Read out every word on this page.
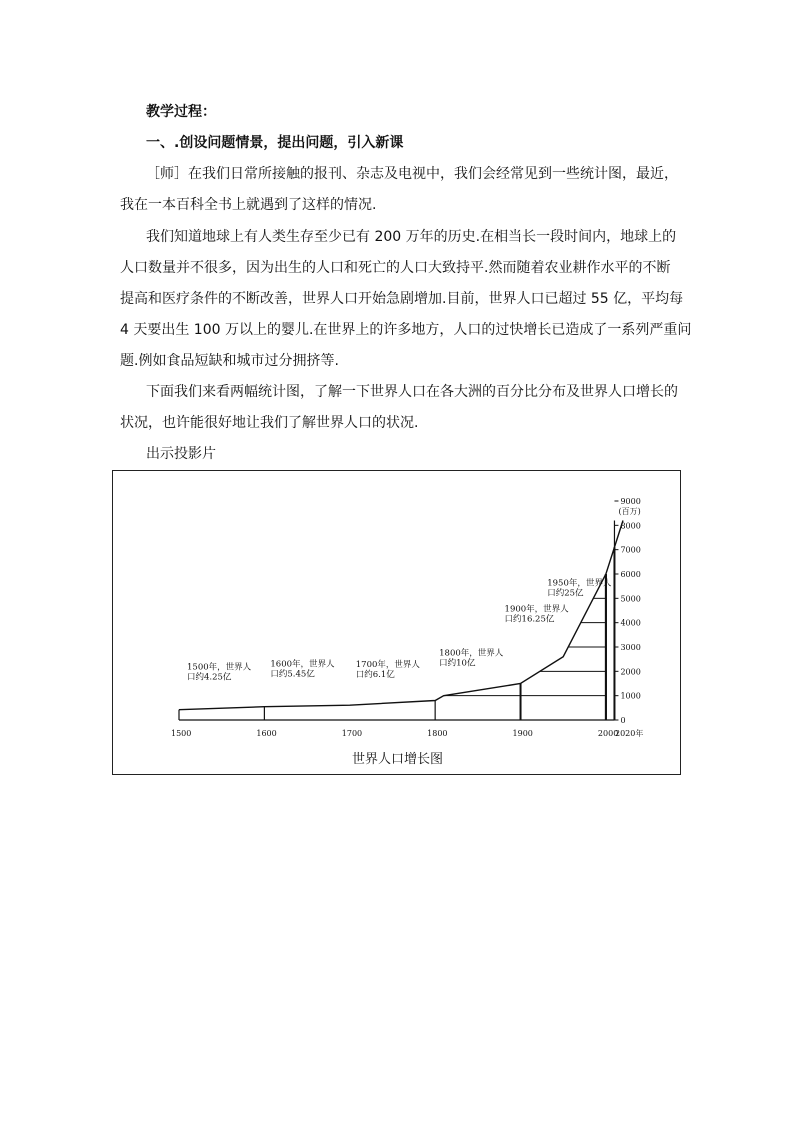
教学过程：
一、.创设问题情景，提出问题，引入新课
［师］在我们日常所接触的报刊、杂志及电视中，我们会经常见到一些统计图，最近，
我在一本百科全书上就遇到了这样的情况.
我们知道地球上有人类生存至少已有 200 万年的历史.在相当长一段时间内，地球上的
人口数量并不很多，因为出生的人口和死亡的人口大致持平.然而随着农业耕作水平的不断
提高和医疗条件的不断改善，世界人口开始急剧增加.目前，世界人口已超过 55 亿，平均每
4 天要出生 100 万以上的婴儿.在世界上的许多地方，人口的过快增长已造成了一系列严重问
题.例如食品短缺和城市过分拥挤等.
下面我们来看两幅统计图，了解一下世界人口在各大洲的百分比分布及世界人口增长的
状况，也许能很好地让我们了解世界人口的状况.
出示投影片
0
1000
2000
3000
4000
5000
6000
7000
8000
9000
(百万)
1500	1600	1700	1800	1900	2000
2020年
1500年，世界人
口约4.25亿
1600年，世界人
口约5.45亿
1700年，世界人
口约6.1亿
1800年，世界人
口约10亿
1900年，世界人
口约16.25亿
1950年，世界人
口约25亿
世界人口增长图
